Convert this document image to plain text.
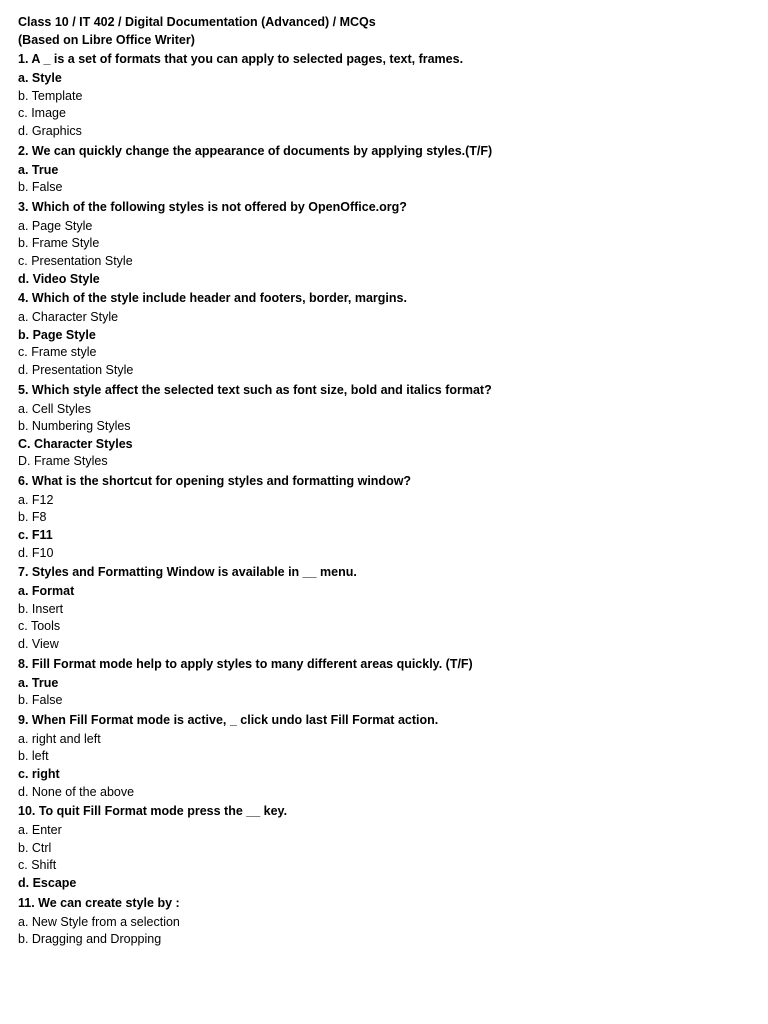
Class 10 / IT 402 / Digital Documentation (Advanced) / MCQs
(Based on Libre Office Writer)
1. A _ is a set of formats that you can apply to selected pages, text, frames.
a. Style
b. Template
c. Image
d. Graphics
2. We can quickly change the appearance of documents by applying styles.(T/F)
a. True
b. False
3. Which of the following styles is not offered by OpenOffice.org?
a. Page Style
b. Frame Style
c. Presentation Style
d. Video Style
4. Which of the style include header and footers, border, margins.
a. Character Style
b. Page Style
c. Frame style
d. Presentation Style
5. Which style affect the selected text such as font size, bold and italics format?
a. Cell Styles
b. Numbering Styles
C. Character Styles
D. Frame Styles
6. What is the shortcut for opening styles and formatting window?
a. F12
b. F8
c. F11
d. F10
7. Styles and Formatting Window is available in __ menu.
a. Format
b. Insert
c. Tools
d. View
8. Fill Format mode help to apply styles to many different areas quickly. (T/F)
a. True
b. False
9. When Fill Format mode is active, _ click undo last Fill Format action.
a. right and left
b. left
c. right
d. None of the above
10. To quit Fill Format mode press the __ key.
a. Enter
b. Ctrl
c. Shift
d. Escape
11. We can create style by :
a. New Style from a selection
b. Dragging and Dropping
